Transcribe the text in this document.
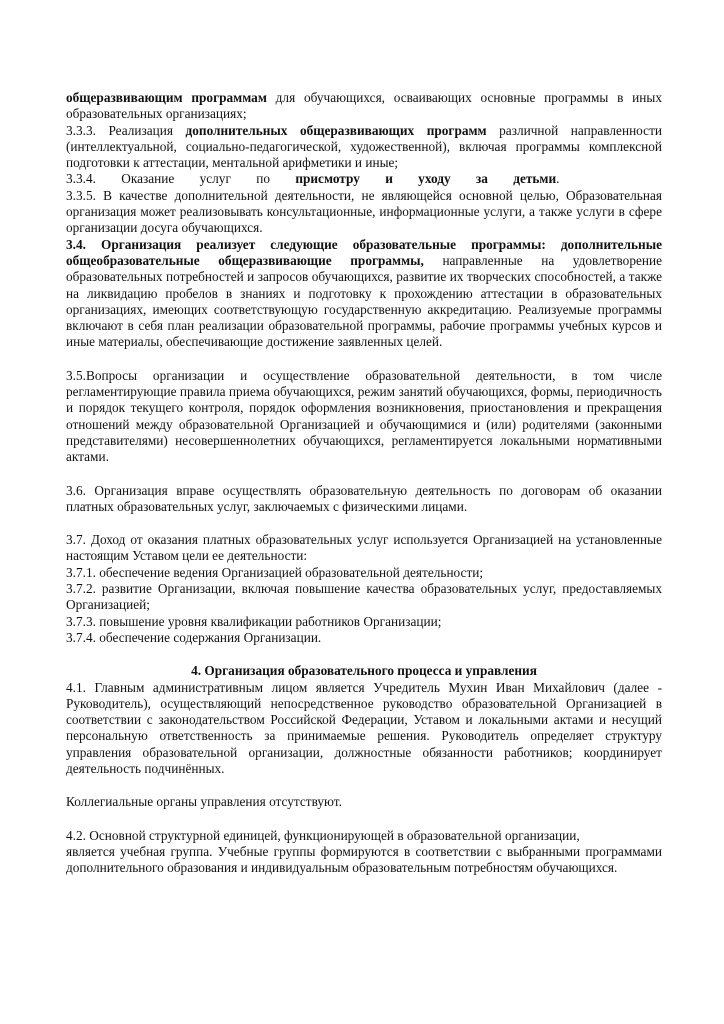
общеразвивающим программам для обучающихся, осваивающих основные программы в иных образовательных организациях;

3.3.3. Реализация дополнительных общеразвивающих программ различной направленности (интеллектуальной, социально-педагогической, художественной), включая программы комплексной подготовки к аттестации, ментальной арифметики и иные;

3.3.4. Оказание услуг по присмотру и уходу за детьми.

3.3.5. В качестве дополнительной деятельности, не являющейся основной целью, Образовательная организация может реализовывать консультационные, информационные услуги, а также услуги в сфере организации досуга обучающихся.

3.4. Организация реализует следующие образовательные программы: дополнительные общеобразовательные общеразвивающие программы, направленные на удовлетворение образовательных потребностей и запросов обучающихся, развитие их творческих способностей, а также на ликвидацию пробелов в знаниях и подготовку к прохождению аттестации в образовательных организациях, имеющих соответствующую государственную аккредитацию. Реализуемые программы включают в себя план реализации образовательной программы, рабочие программы учебных курсов и иные материалы, обеспечивающие достижение заявленных целей.

3.5.Вопросы организации и осуществление образовательной деятельности, в том числе регламентирующие правила приема обучающихся, режим занятий обучающихся, формы, периодичность и порядок текущего контроля, порядок оформления возникновения, приостановления и прекращения отношений между образовательной Организацией и обучающимися и (или) родителями (законными представителями) несовершеннолетних обучающихся, регламентируется локальными нормативными актами.

3.6. Организация вправе осуществлять образовательную деятельность по договорам об оказании платных образовательных услуг, заключаемых с физическими лицами.

3.7. Доход от оказания платных образовательных услуг используется Организацией на установленные настоящим Уставом цели ее деятельности:

3.7.1. обеспечение ведения Организацией образовательной деятельности;

3.7.2. развитие Организации, включая повышение качества образовательных услуг, предоставляемых Организацией;

3.7.3. повышение уровня квалификации работников Организации;

3.7.4. обеспечение содержания Организации.

4. Организация образовательного процесса и управления

4.1. Главным административным лицом является Учредитель Мухин Иван Михайлович (далее - Руководитель), осуществляющий непосредственное руководство образовательной Организацией в соответствии с законодательством Российской Федерации, Уставом и локальными актами и несущий персональную ответственность за принимаемые решения. Руководитель определяет структуру управления образовательной организации, должностные обязанности работников; координирует деятельность подчинённых.

Коллегиальные органы управления отсутствуют.

4.2. Основной структурной единицей, функционирующей в образовательной организации,

является учебная группа. Учебные группы формируются в соответствии с выбранными программами дополнительного образования и индивидуальным образовательным потребностям обучающихся.
